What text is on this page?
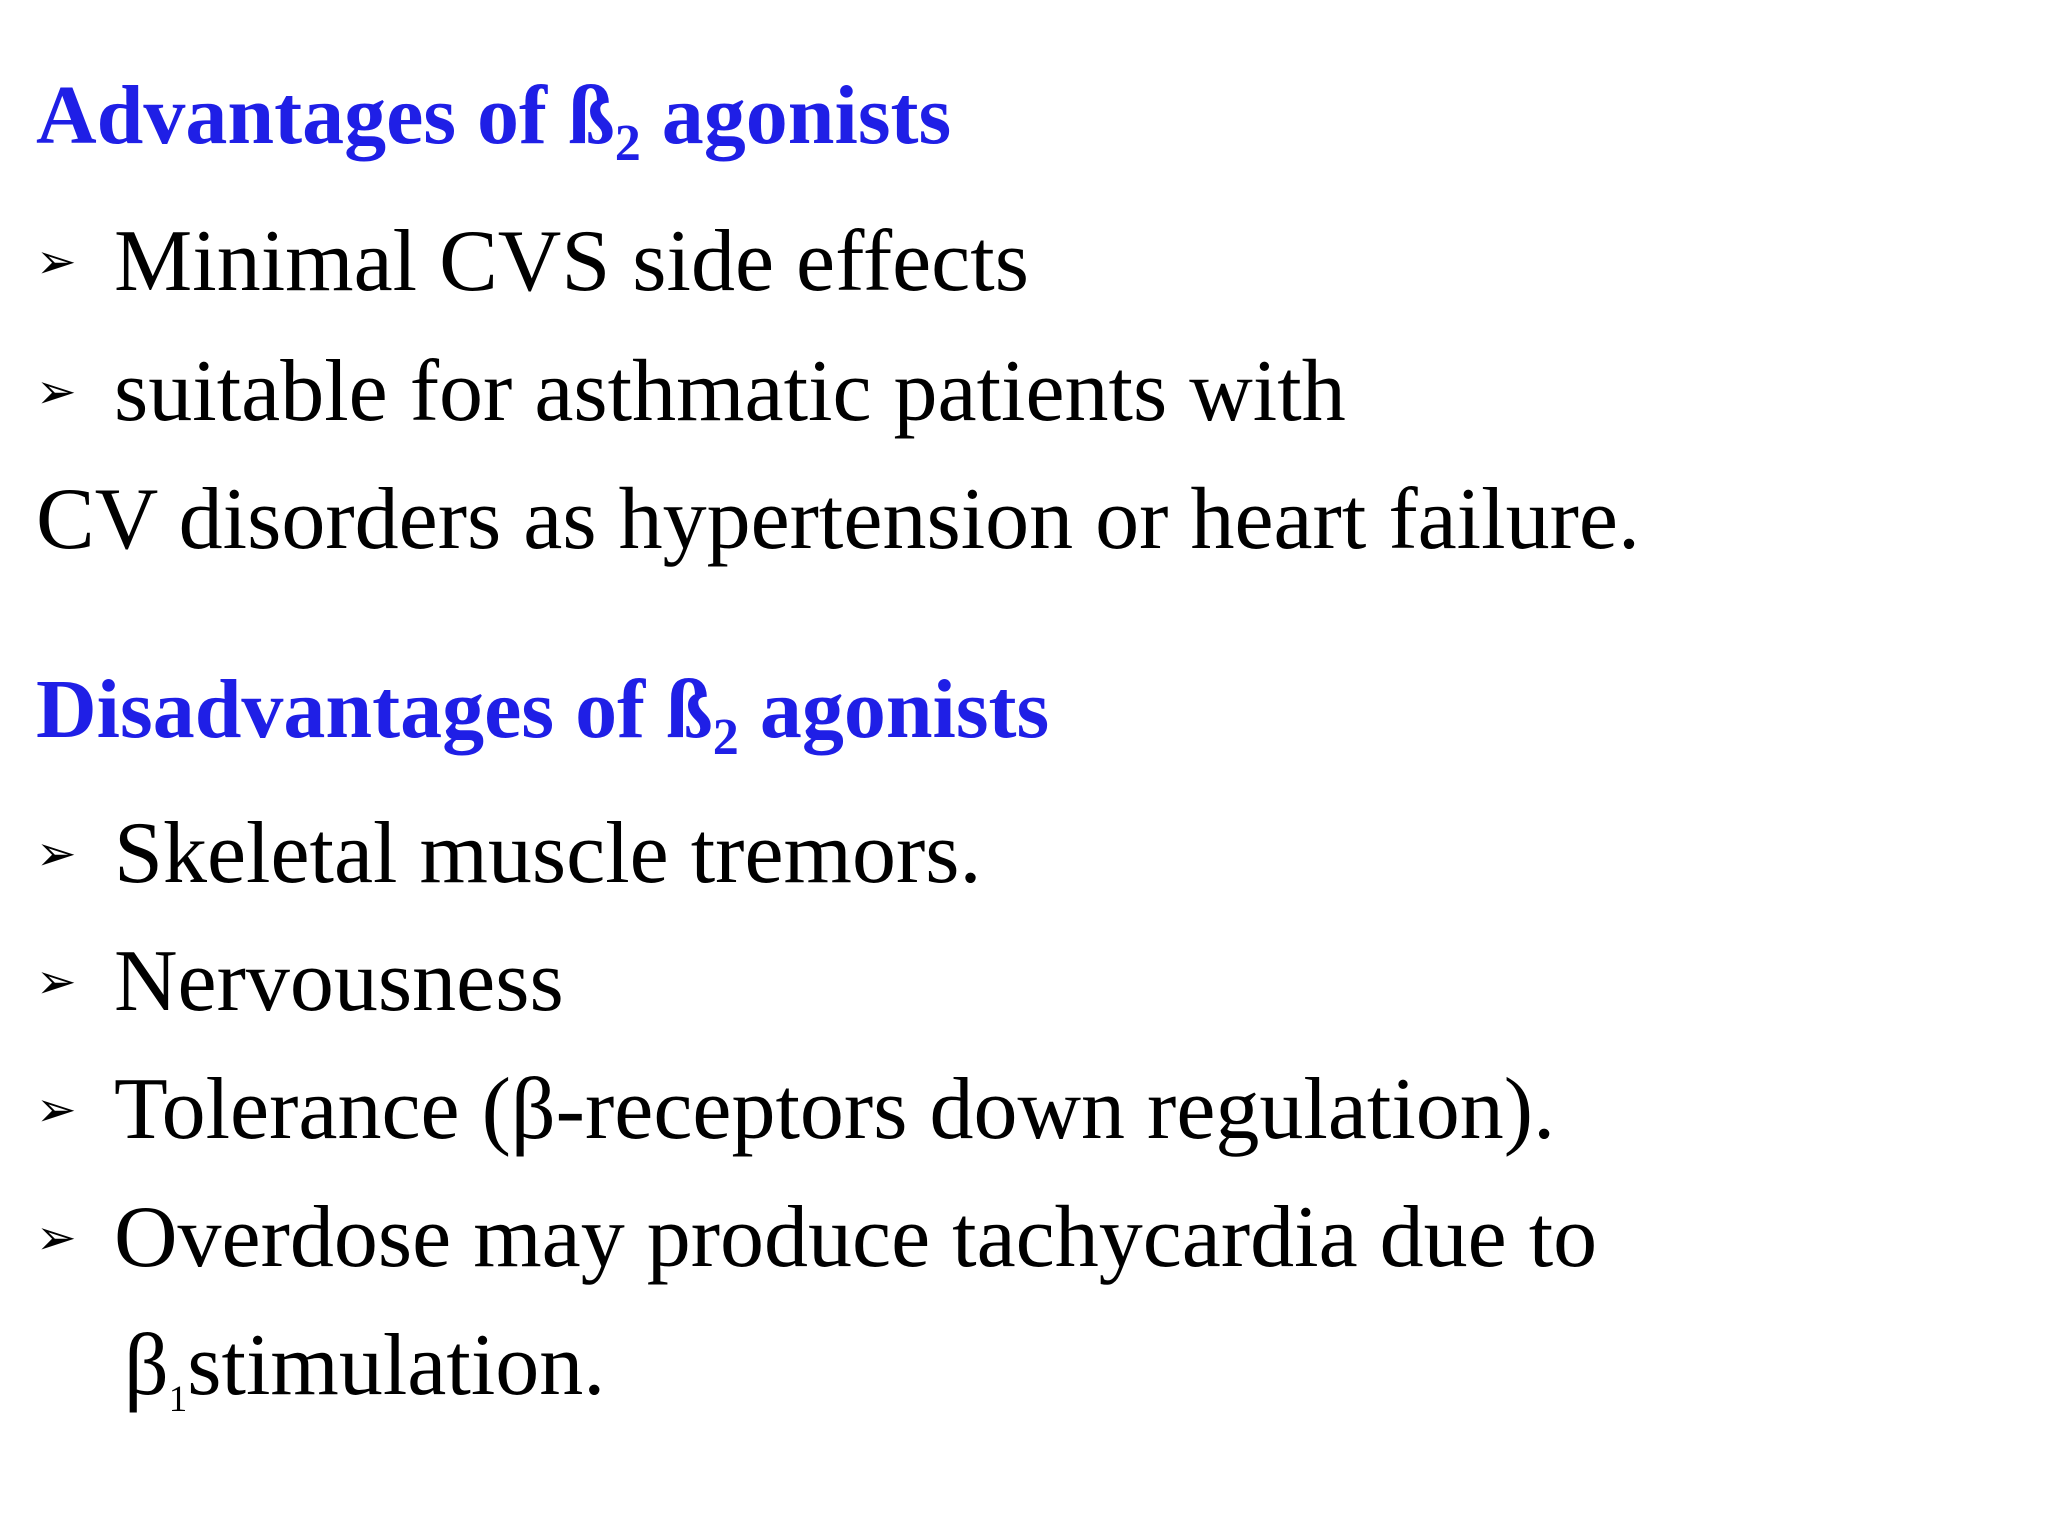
Advantages of ß2 agonists
➢ Minimal CVS side effects
➢ suitable for asthmatic patients with
CV disorders as hypertension or heart failure.
Disadvantages of ß2 agonists
➢ Skeletal muscle tremors.
➢ Nervousness
➢ Tolerance (β-receptors down regulation).
➢ Overdose may produce tachycardia due to
β1stimulation.
